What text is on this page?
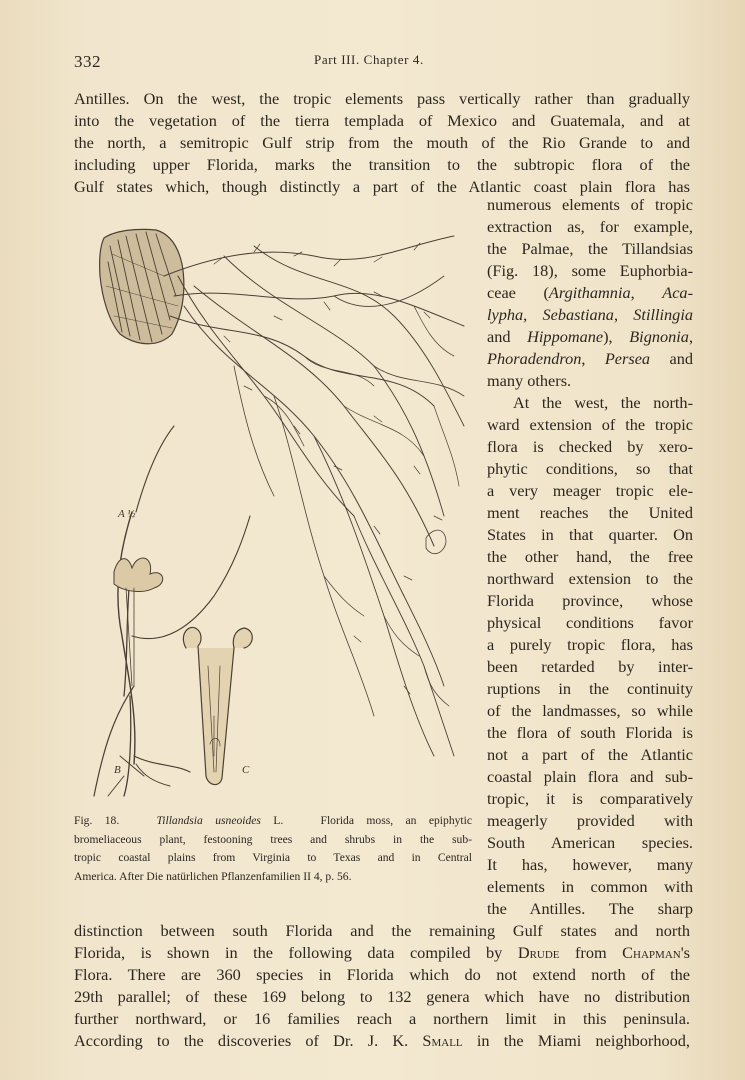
332	Part III. Chapter 4.
Antilles. On the west, the tropic elements pass vertically rather than gradually
into the vegetation of the tierra templada of Mexico and Guatemala, and at
the north, a semitropic Gulf strip from the mouth of the Rio Grande to and
including upper Florida, marks the transition to the subtropic flora of the
Gulf states which, though distinctly a part of the Atlantic coast plain flora has
numerous elements of tropic
extraction as, for example,
the Palmae, the Tillandsias
(Fig. 18), some Euphorbia-
ceae (Argithamnia, Aca-
lypha, Sebastiana, Stillingia
and Hippomane), Bignonia,
Phoradendron, Persea and
many others.
At the west, the north-
ward extension of the tropic
flora is checked by xero-
phytic conditions, so that
a very meager tropic ele-
ment reaches the United
States in that quarter. On
the other hand, the free
northward extension to the
Florida province, whose
physical conditions favor
a purely tropic flora, has
been retarded by inter-
ruptions in the continuity
of the landmasses, so while
the flora of south Florida is
not a part of the Atlantic
coastal plain flora and sub-
tropic, it is comparatively
meagerly provided with
South American species.
It has, however, many
elements in common with
the Antilles. The sharp
distinction between south Florida and the remaining Gulf states and north
Florida, is shown in the following data compiled by Drude from Chapman's
Flora. There are 360 species in Florida which do not extend north of the
29th parallel; of these 169 belong to 132 genera which have no distribution
further northward, or 16 families reach a northern limit in this peninsula.
According to the discoveries of Dr. J. K. Small in the Miami neighborhood,
A ½
B	C
Fig. 18.   Tillandsia usneoides L.   Florida moss, an epiphytic
bromeliaceous plant, festooning trees and shrubs in the sub-
tropic coastal plains from Virginia to Texas and in Central
America. After Die natürlichen Pflanzenfamilien II 4, p. 56.
